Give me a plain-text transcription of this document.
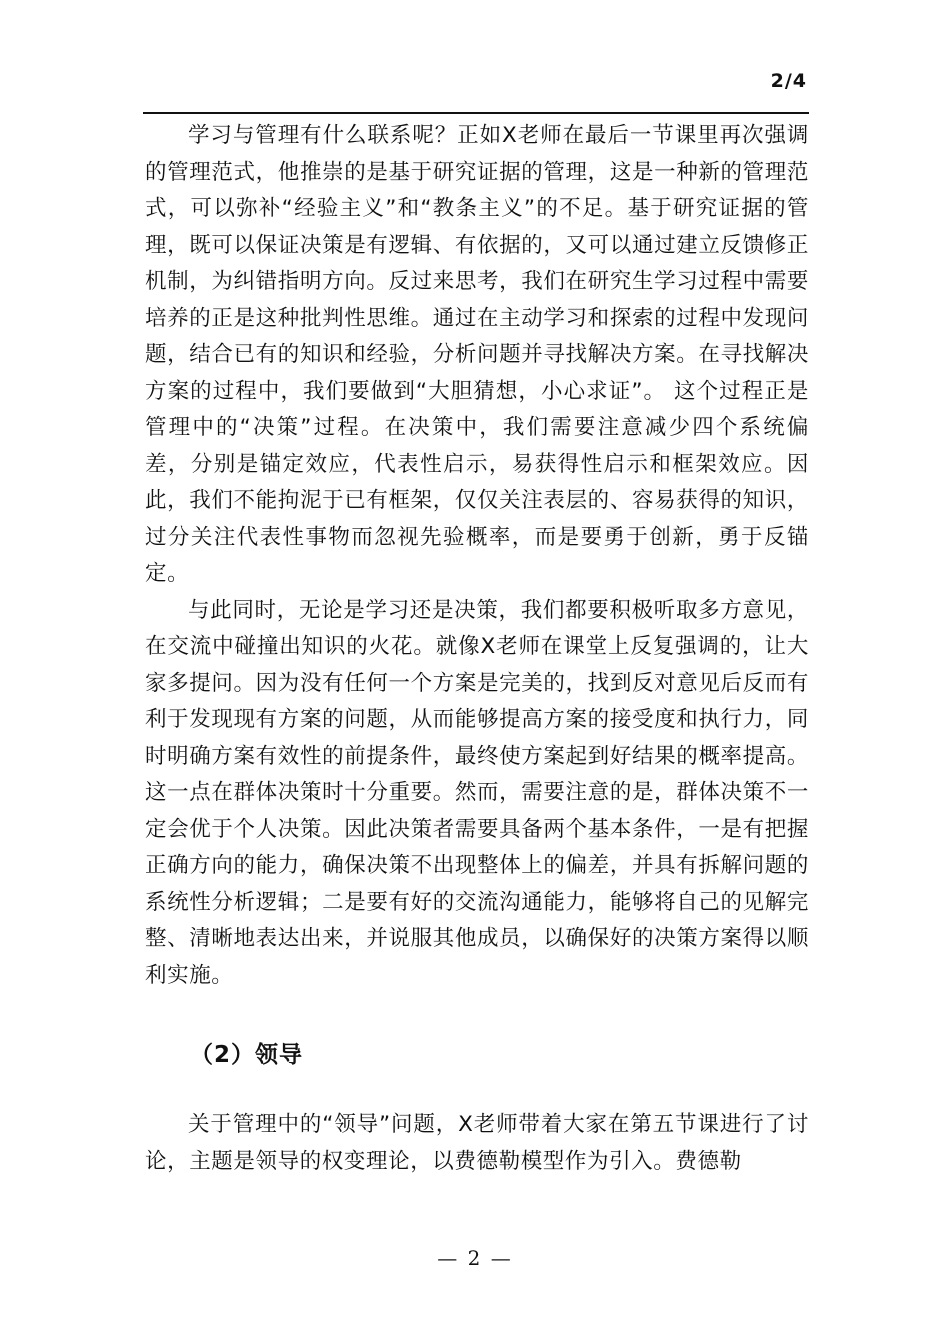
2/4

学习与管理有什么联系呢？正如X老师在最后一节课里再次强调的管理范式，他推崇的是基于研究证据的管理，这是一种新的管理范式，可以弥补“经验主义”和“教条主义”的不足。基于研究证据的管理，既可以保证决策是有逻辑、有依据的，又可以通过建立反馈修正机制，为纠错指明方向。反过来思考，我们在研究生学习过程中需要培养的正是这种批判性思维。通过在主动学习和探索的过程中发现问题，结合已有的知识和经验，分析问题并寻找解决方案。在寻找解决方案的过程中，我们要做到“大胆猜想，小心求证”。 这个过程正是管理中的“决策”过程。在决策中，我们需要注意减少四个系统偏差，分别是锚定效应，代表性启示，易获得性启示和框架效应。因此，我们不能拘泥于已有框架，仅仅关注表层的、容易获得的知识，过分关注代表性事物而忽视先验概率，而是要勇于创新，勇于反锚定。

与此同时，无论是学习还是决策，我们都要积极听取多方意见，在交流中碰撞出知识的火花。就像X老师在课堂上反复强调的，让大家多提问。因为没有任何一个方案是完美的，找到反对意见后反而有利于发现现有方案的问题，从而能够提高方案的接受度和执行力，同时明确方案有效性的前提条件，最终使方案起到好结果的概率提高。这一点在群体决策时十分重要。然而，需要注意的是，群体决策不一定会优于个人决策。因此决策者需要具备两个基本条件，一是有把握正确方向的能力，确保决策不出现整体上的偏差，并具有拆解问题的系统性分析逻辑；二是要有好的交流沟通能力，能够将自己的见解完整、清晰地表达出来，并说服其他成员，以确保好的决策方案得以顺利实施。

（2）领导

关于管理中的“领导”问题，X老师带着大家在第五节课进行了讨论，主题是领导的权变理论，以费德勒模型作为引入。费德勒

— 2 —
